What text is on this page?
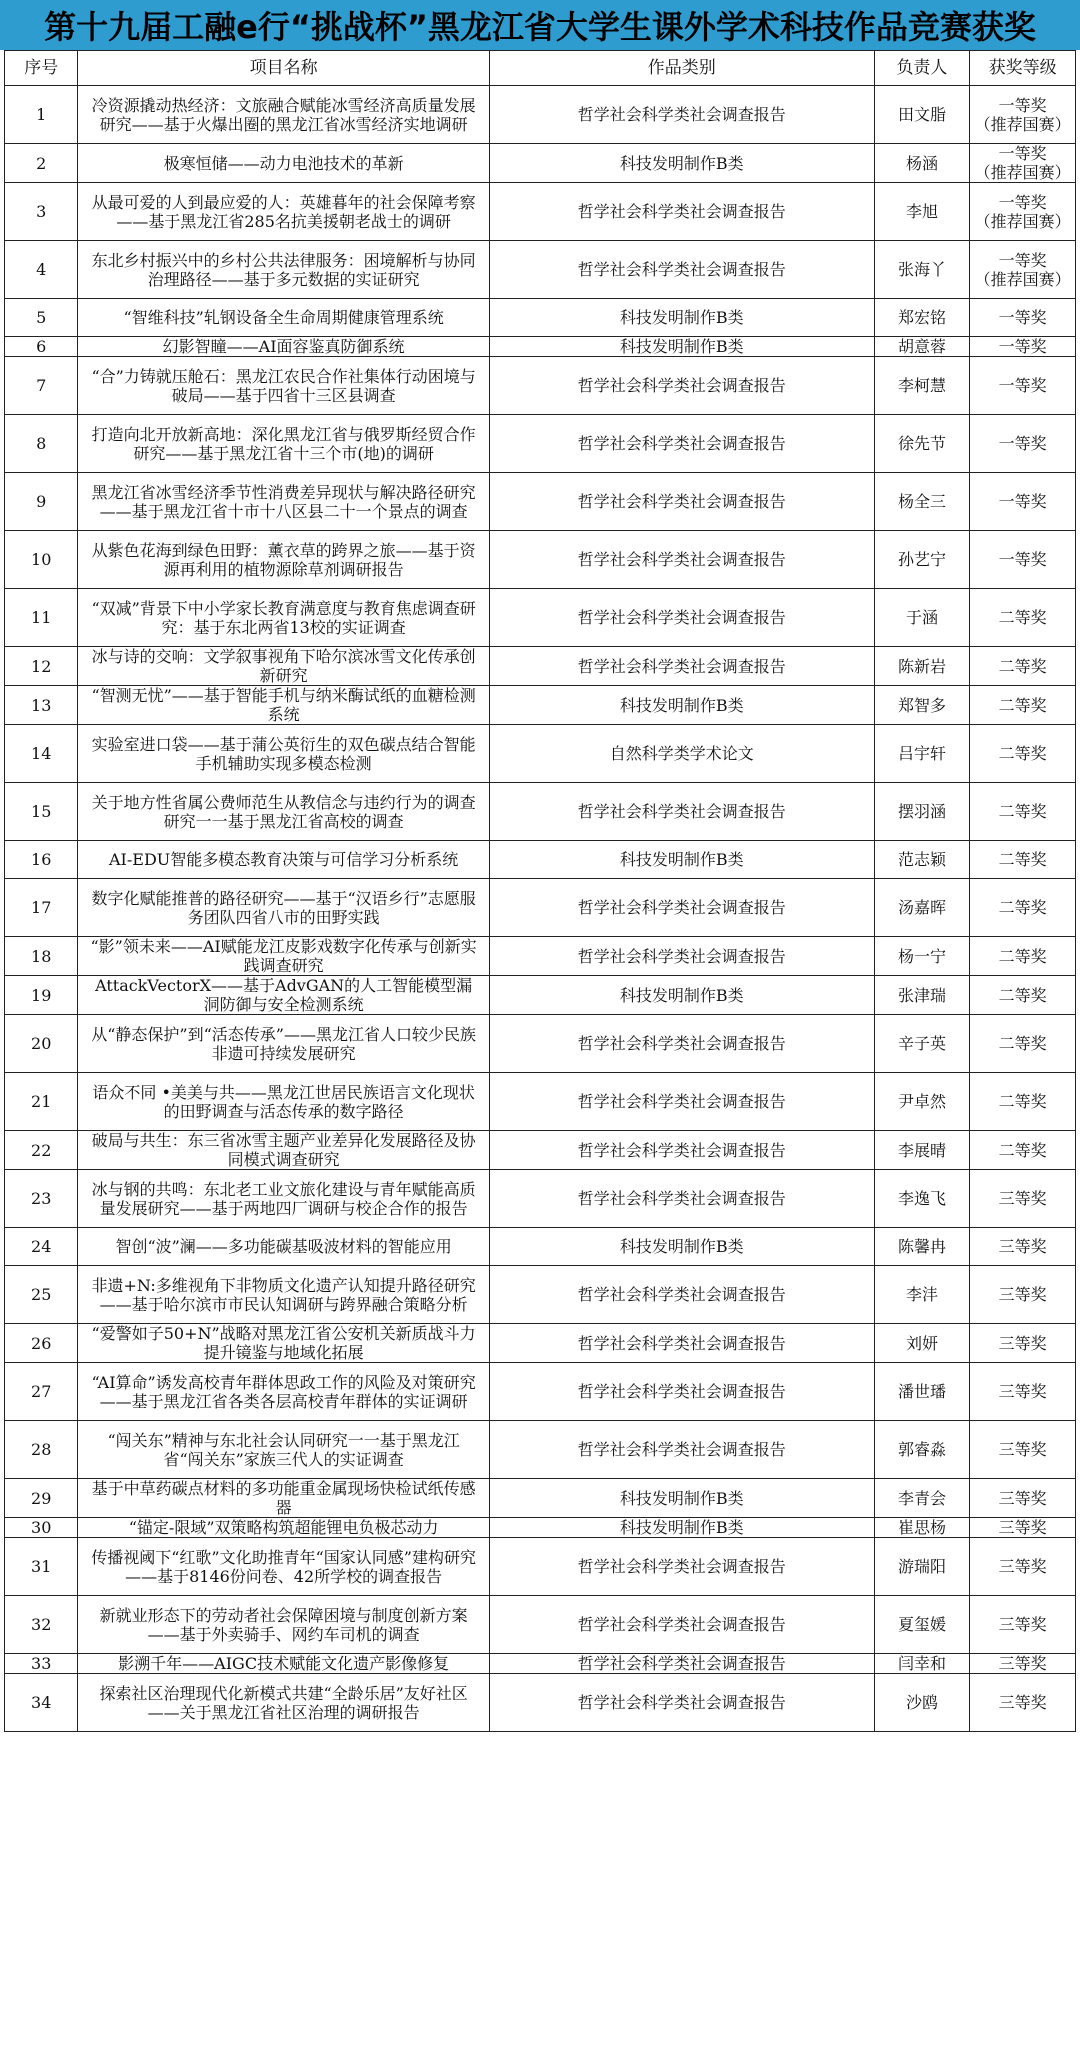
第十九届工融e行“挑战杯”黑龙江省大学生课外学术科技作品竞赛获奖
序号	项目名称	作品类别	负责人	获奖等级
1	冷资源撬动热经济：文旅融合赋能冰雪经济高质量发展研究——基于火爆出圈的黑龙江省冰雪经济实地调研	哲学社会科学类社会调查报告	田文脂	一等奖
（推荐国赛）
2	极寒恒储——动力电池技术的革新	科技发明制作B类	杨涵	一等奖
（推荐国赛）
3	从最可爱的人到最应爱的人：英雄暮年的社会保障考察——基于黑龙江省285名抗美援朝老战士的调研	哲学社会科学类社会调查报告	李旭	一等奖
（推荐国赛）
4	东北乡村振兴中的乡村公共法律服务：困境解析与协同治理路径——基于多元数据的实证研究	哲学社会科学类社会调查报告	张海丫	一等奖
（推荐国赛）
5	“智维科技”轧钢设备全生命周期健康管理系统	科技发明制作B类	郑宏铭	一等奖
6	幻影智瞳——AI面容鉴真防御系统	科技发明制作B类	胡意蓉	一等奖
7	“合”力铸就压舱石：黑龙江农民合作社集体行动困境与破局——基于四省十三区县调查	哲学社会科学类社会调查报告	李柯慧	一等奖
8	打造向北开放新高地：深化黑龙江省与俄罗斯经贸合作研究——基于黑龙江省十三个市(地)的调研	哲学社会科学类社会调查报告	徐先节	一等奖
9	黑龙江省冰雪经济季节性消费差异现状与解决路径研究——基于黑龙江省十市十八区县二十一个景点的调查	哲学社会科学类社会调查报告	杨全三	一等奖
10	从紫色花海到绿色田野：薰衣草的跨界之旅——基于资源再利用的植物源除草剂调研报告	哲学社会科学类社会调查报告	孙艺宁	一等奖
11	“双减”背景下中小学家长教育满意度与教育焦虑调查研究：基于东北两省13校的实证调查	哲学社会科学类社会调查报告	于涵	二等奖
12	冰与诗的交响：文学叙事视角下哈尔滨冰雪文化传承创新研究	哲学社会科学类社会调查报告	陈新岩	二等奖
13	“智测无忧”——基于智能手机与纳米酶试纸的血糖检测系统	科技发明制作B类	郑智多	二等奖
14	实验室进口袋——基于蒲公英衍生的双色碳点结合智能手机辅助实现多模态检测	自然科学类学术论文	吕宇轩	二等奖
15	关于地方性省属公费师范生从教信念与违约行为的调查研究一一基于黑龙江省高校的调查	哲学社会科学类社会调查报告	摆羽涵	二等奖
16	AI-EDU智能多模态教育决策与可信学习分析系统	科技发明制作B类	范志颖	二等奖
17	数字化赋能推普的路径研究——基于“汉语乡行”志愿服务团队四省八市的田野实践	哲学社会科学类社会调查报告	汤嘉晖	二等奖
18	“影”领未来——AI赋能龙江皮影戏数字化传承与创新实践调查研究	哲学社会科学类社会调查报告	杨一宁	二等奖
19	AttackVectorX——基于AdvGAN的人工智能模型漏洞防御与安全检测系统	科技发明制作B类	张津瑞	二等奖
20	从“静态保护”到“活态传承”——黑龙江省人口较少民族非遗可持续发展研究	哲学社会科学类社会调查报告	辛子英	二等奖
21	语众不同 •美美与共——黑龙江世居民族语言文化现状的田野调查与活态传承的数字路径	哲学社会科学类社会调查报告	尹卓然	二等奖
22	破局与共生：东三省冰雪主题产业差异化发展路径及协同模式调查研究	哲学社会科学类社会调查报告	李展晴	二等奖
23	冰与钢的共鸣：东北老工业文旅化建设与青年赋能高质量发展研究——基于两地四厂调研与校企合作的报告	哲学社会科学类社会调查报告	李逸飞	三等奖
24	智创“波”澜——多功能碳基吸波材料的智能应用	科技发明制作B类	陈馨冉	三等奖
25	非遗+N:多维视角下非物质文化遗产认知提升路径研究——基于哈尔滨市市民认知调研与跨界融合策略分析	哲学社会科学类社会调查报告	李沣	三等奖
26	“爱警如子50+N”战略对黑龙江省公安机关新质战斗力提升镜鉴与地域化拓展	哲学社会科学类社会调查报告	刘妍	三等奖
27	“AI算命”诱发高校青年群体思政工作的风险及对策研究——基于黑龙江省各类各层高校青年群体的实证调研	哲学社会科学类社会调查报告	潘世璠	三等奖
28	“闯关东”精神与东北社会认同研究一一基于黑龙江省“闯关东”家族三代人的实证调查	哲学社会科学类社会调查报告	郭睿淼	三等奖
29	基于中草药碳点材料的多功能重金属现场快检试纸传感器	科技发明制作B类	李青会	三等奖
30	“锚定-限域”双策略构筑超能锂电负极芯动力	科技发明制作B类	崔思杨	三等奖
31	传播视阈下“红歌”文化助推青年“国家认同感”建构研究——基于8146份问卷、42所学校的调查报告	哲学社会科学类社会调查报告	游瑞阳	三等奖
32	新就业形态下的劳动者社会保障困境与制度创新方案——基于外卖骑手、网约车司机的调查	哲学社会科学类社会调查报告	夏玺媛	三等奖
33	影溯千年——AIGC技术赋能文化遗产影像修复	哲学社会科学类社会调查报告	闫幸和	三等奖
34	探索社区治理现代化新模式共建“全龄乐居”友好社区——关于黑龙江省社区治理的调研报告	哲学社会科学类社会调查报告	沙鸥	三等奖
